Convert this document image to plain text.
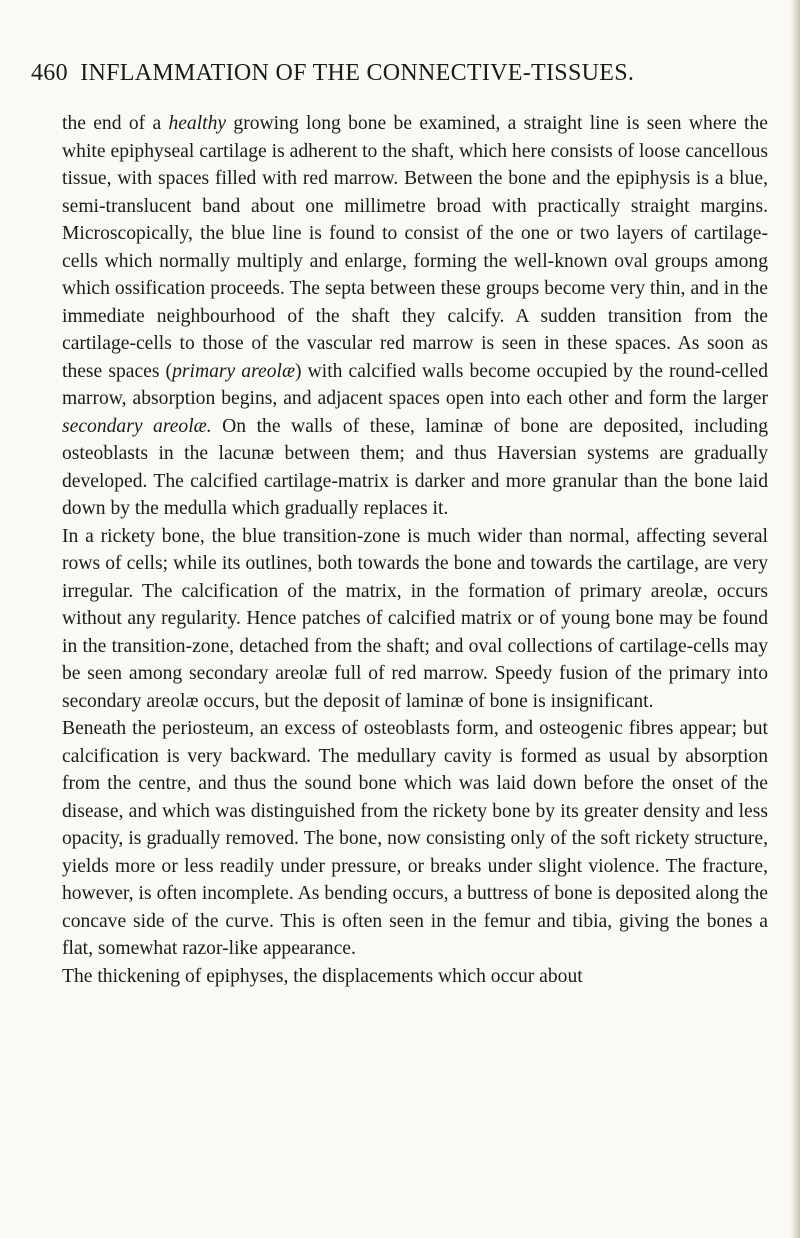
460 INFLAMMATION OF THE CONNECTIVE-TISSUES.

the end of a healthy growing long bone be examined, a straight line is seen where the white epiphyseal cartilage is adherent to the shaft, which here consists of loose cancellous tissue, with spaces filled with red marrow. Between the bone and the epiphysis is a blue, semi-translucent band about one millimetre broad with practically straight margins. Microscopically, the blue line is found to consist of the one or two layers of cartilage-cells which normally multiply and enlarge, forming the well-known oval groups among which ossification proceeds. The septa between these groups become very thin, and in the immediate neighbourhood of the shaft they calcify. A sudden transition from the cartilage-cells to those of the vascular red marrow is seen in these spaces. As soon as these spaces (primary areolæ) with calcified walls become occupied by the round-celled marrow, absorption begins, and adjacent spaces open into each other and form the larger secondary areolæ. On the walls of these, laminæ of bone are deposited, including osteoblasts in the lacunæ between them; and thus Haversian systems are gradually developed. The calcified cartilage-matrix is darker and more granular than the bone laid down by the medulla which gradually replaces it.

In a rickety bone, the blue transition-zone is much wider than normal, affecting several rows of cells; while its outlines, both towards the bone and towards the cartilage, are very irregular. The calcification of the matrix, in the formation of primary areolæ, occurs without any regularity. Hence patches of calcified matrix or of young bone may be found in the transition-zone, detached from the shaft; and oval collections of cartilage-cells may be seen among secondary areolæ full of red marrow. Speedy fusion of the primary into secondary areolæ occurs, but the deposit of laminæ of bone is insignificant.

Beneath the periosteum, an excess of osteoblasts form, and osteogenic fibres appear; but calcification is very backward. The medullary cavity is formed as usual by absorption from the centre, and thus the sound bone which was laid down before the onset of the disease, and which was distinguished from the rickety bone by its greater density and less opacity, is gradually removed. The bone, now consisting only of the soft rickety structure, yields more or less readily under pressure, or breaks under slight violence. The fracture, however, is often incomplete. As bending occurs, a buttress of bone is deposited along the concave side of the curve. This is often seen in the femur and tibia, giving the bones a flat, somewhat razor-like appearance.

The thickening of epiphyses, the displacements which occur about
